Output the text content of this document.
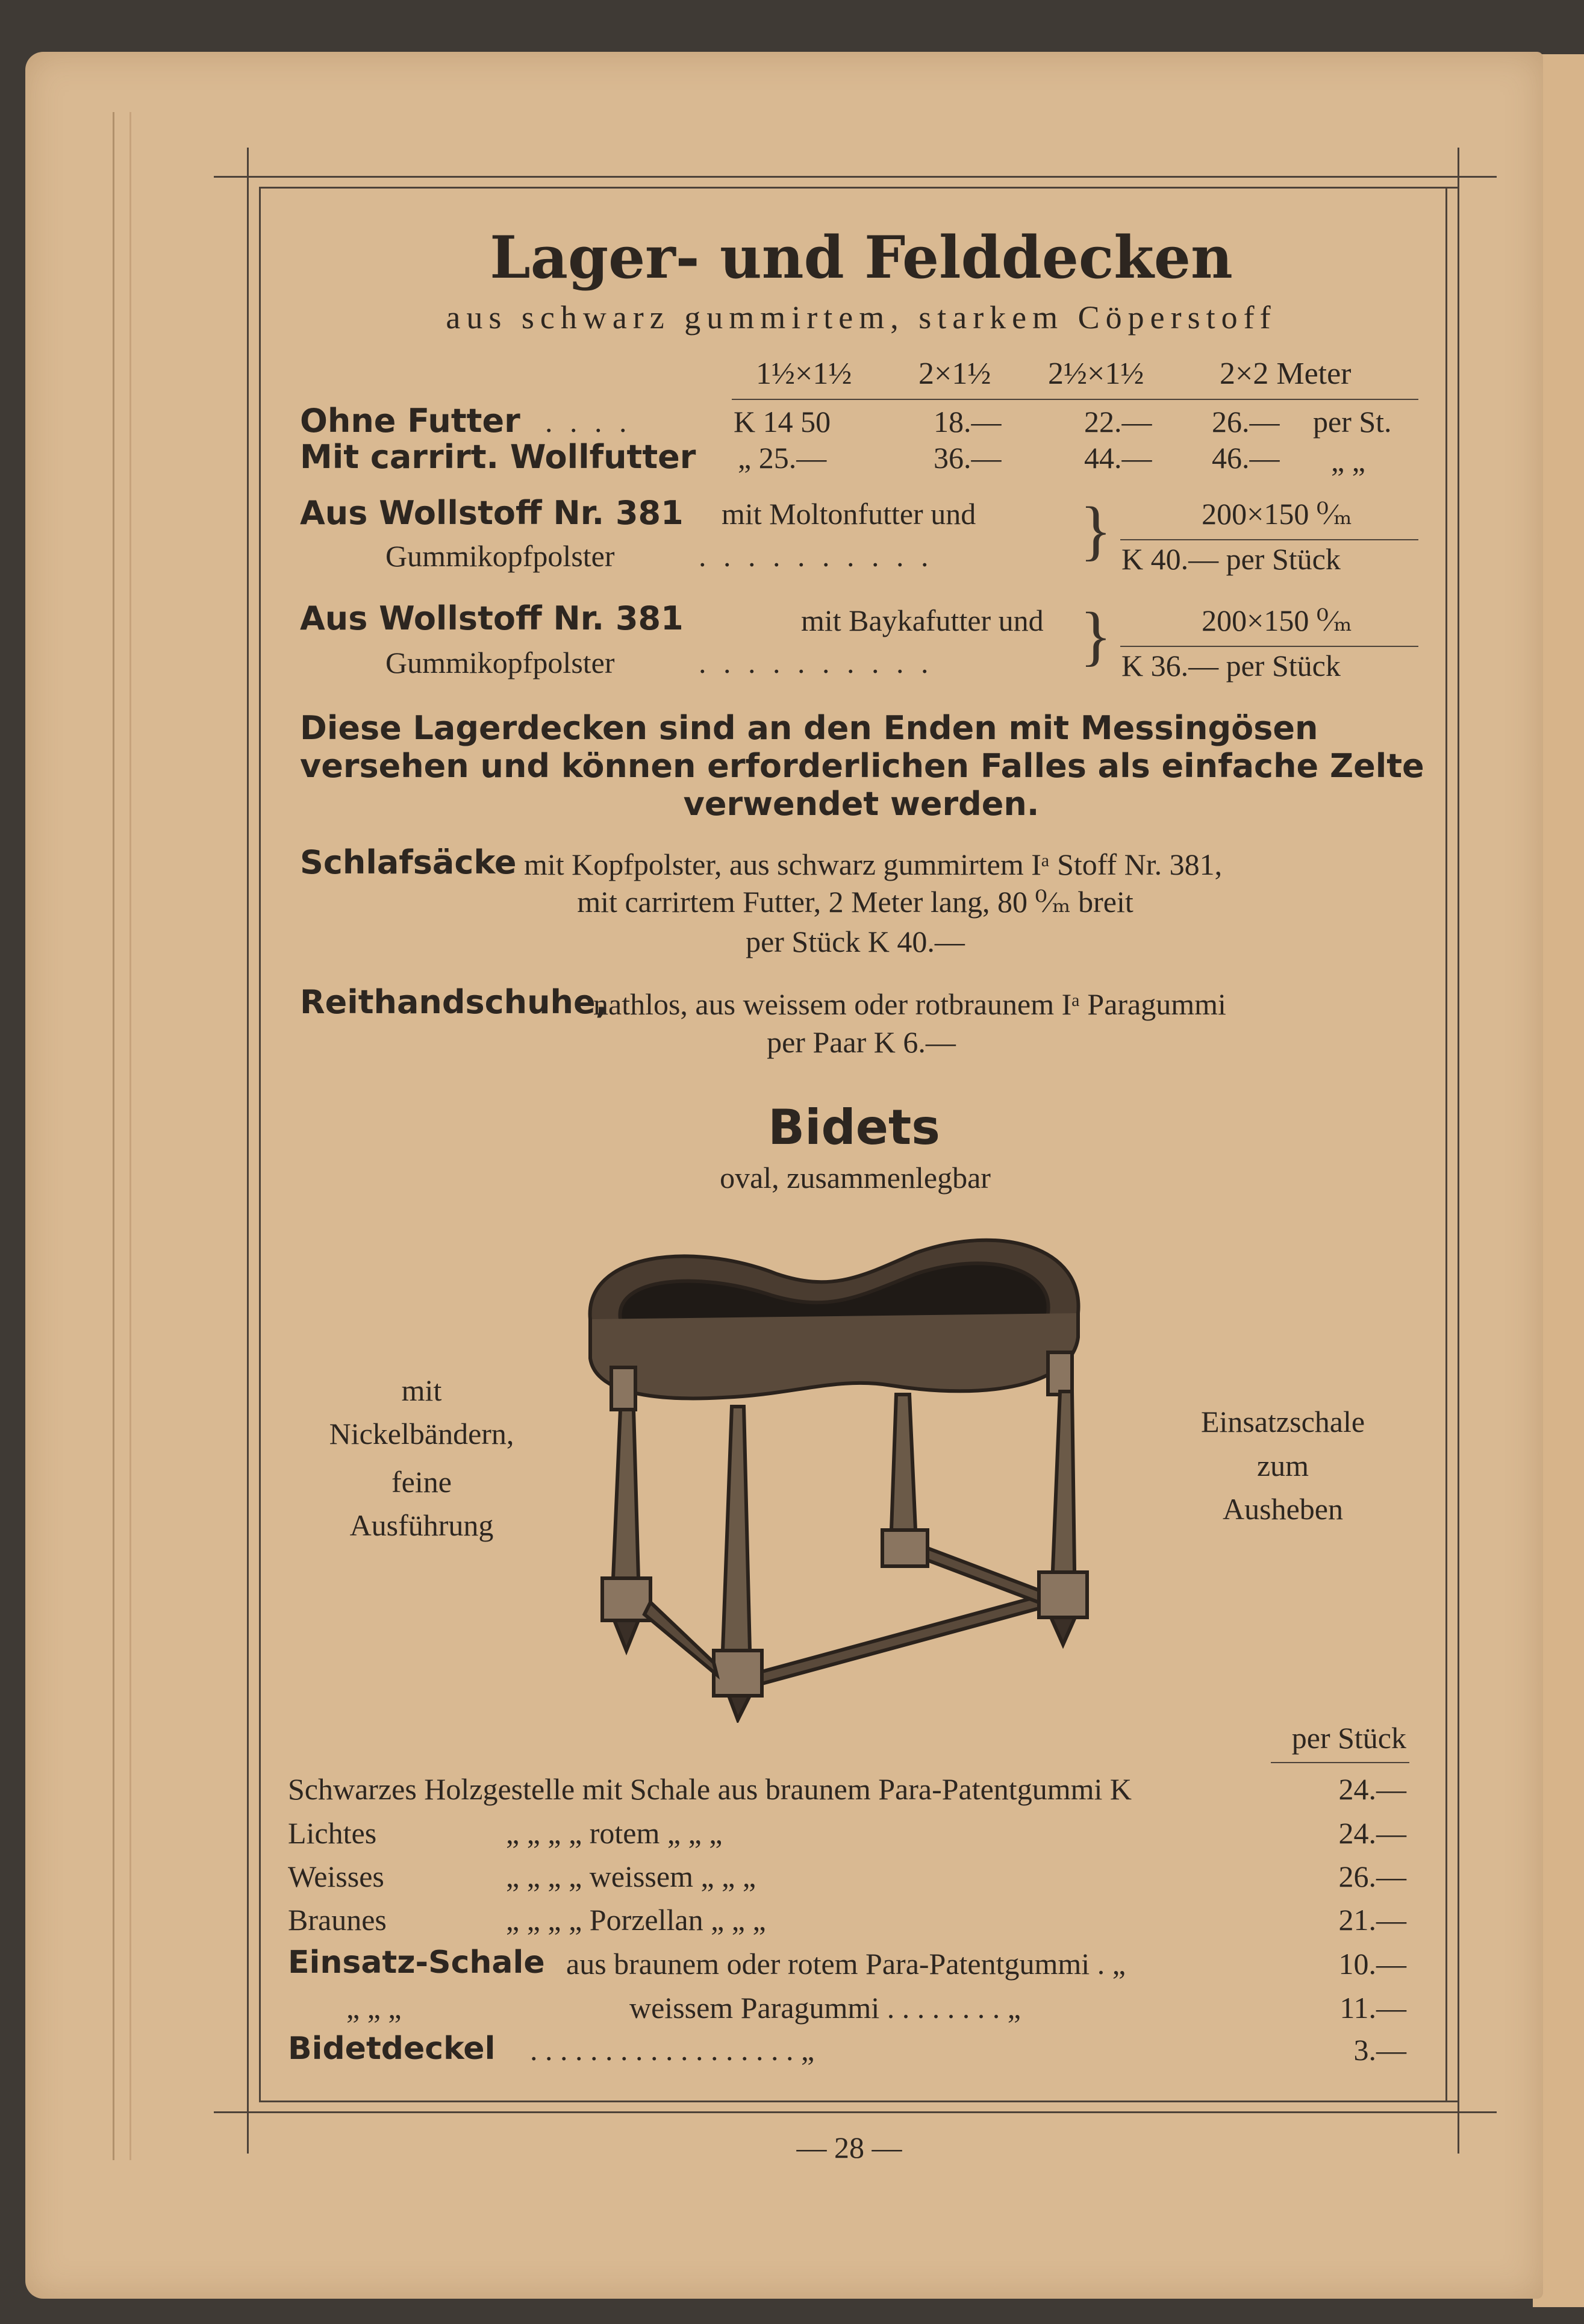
Lager- und Felddecken
aus schwarz gummirtem, starkem Cöperstoff
1½×1½ 2×1½ 2½×1½ 2×2 Meter
Ohne Futter . . . .	K 14 50	18.—	22.— 26.— per St.
Mit carrirt. Wollfutter „ 25.—	36.—	44.— 46.— „ „
Aus Wollstoff Nr. 381 mit Moltonfutter und
Gummikopfpolster	. . . . . . . . . . }	200×150 ⁰⁄ₘ
K 40.— per Stück
Aus Wollstoff Nr. 381	mit Baykafutter und
Gummikopfpolster	. . . . . . . . . . }	200×150 ⁰⁄ₘ
K 36.— per Stück
Diese Lagerdecken sind an den Enden mit Messingösen
versehen und können erforderlichen Falles als einfache Zelte
verwendet werden.
Schlafsäcke mit Kopfpolster, aus schwarz gummirtem Iᵃ Stoff Nr. 381,
mit carrirtem Futter, 2 Meter lang, 80 ⁰⁄ₘ breit
per Stück K 40.—
Reithandschuhe,
nathlos, aus weissem oder rotbraunem Iᵃ Paragummi
per Paar K 6.—
Bidets
oval, zusammenlegbar
mit
Nickelbändern,
feine
Ausführung
Einsatzschale
zum
Ausheben
per Stück
Schwarzes Holzgestelle mit Schale aus braunem Para-Patentgummi K	24.—
Lichtes	„ „ „ „ rotem „ „ „	24.—
Weisses	„ „ „ „ weissem „ „ „	26.—
Braunes	„ „ „ „ Porzellan „ „ „	21.—
Einsatz-Schale aus braunem oder rotem Para-Patentgummi . „	10.—
„ „ „	weissem Paragummi . . . . . . . . „	11.—
Bidetdeckel . . . . . . . . . . . . . . . . . . „	3.—
— 28 —
